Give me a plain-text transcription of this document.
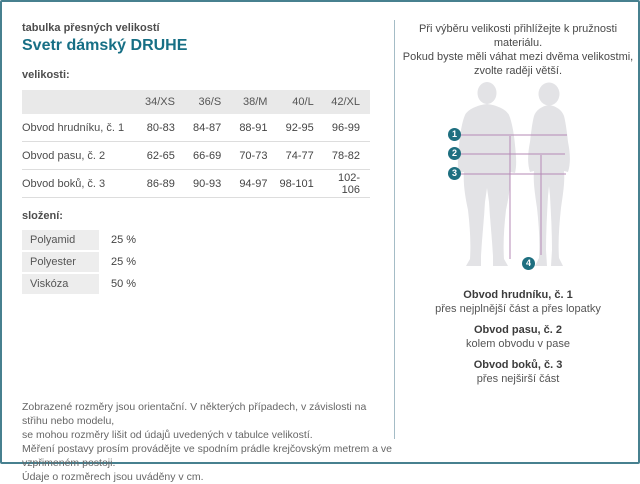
tabulka přesných velikostí
Svetr dámský DRUHE
velikosti:
	34/XS	36/S	38/M	40/L	42/XL
Obvod hrudníku, č. 1	80-83	84-87	88-91	92-95	96-99
Obvod pasu, č. 2	62-65	66-69	70-73	74-77	78-82
Obvod boků, č. 3	86-89	90-93	94-97	98-101	102-106
složení:
Polyamid	25 %
Polyester	25 %
Viskóza	50 %
Zobrazené rozměry jsou orientační. V některých případech, v závislosti na střihu nebo modelu,
se mohou rozměry lišit od údajů uvedených v tabulce velikostí.
Měření postavy prosím provádějte ve spodním prádle krejčovským metrem a ve vzpřimeném postoji.
Údaje o rozměrech jsou uváděny v cm.
Při výběru velikosti přihlížejte k pružnosti materiálu.
Pokud byste měli váhat mezi dvěma velikostmi,
zvolte raději větší.
1
2
3
4
Obvod hrudníku, č. 1
přes nejplnější část a přes lopatky
Obvod pasu, č. 2
kolem obvodu v pase
Obvod boků, č. 3
přes nejširší část
